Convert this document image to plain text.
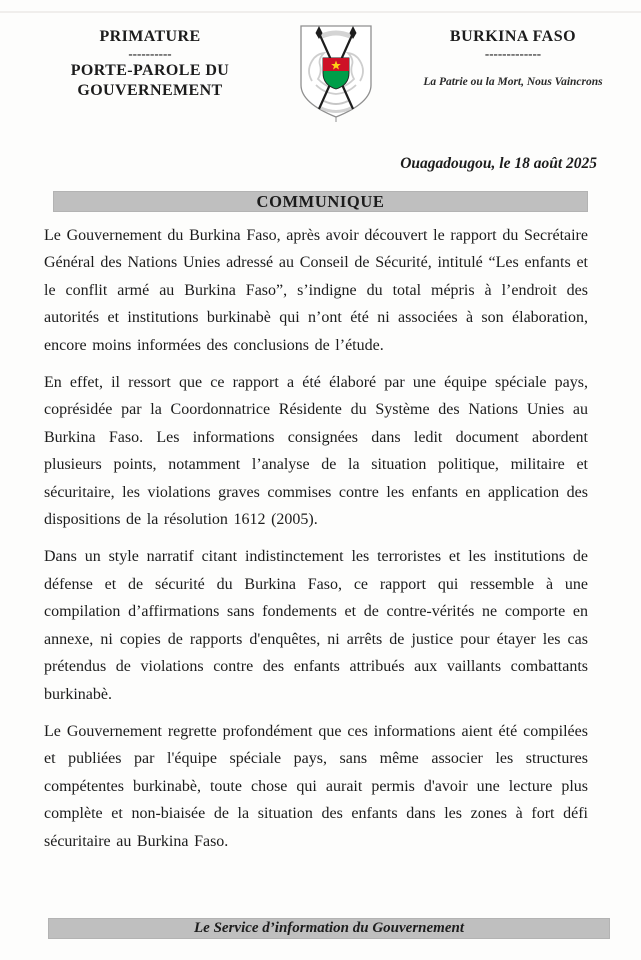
PRIMATURE
----------
PORTE-PAROLE DU
GOUVERNEMENT
BURKINA FASO
-------------
La Patrie ou la Mort, Nous Vaincrons
Ouagadougou, le 18 août 2025
COMMUNIQUE

Le Gouvernement du Burkina Faso, après avoir découvert le rapport du Secrétaire Général des Nations Unies adressé au Conseil de Sécurité, intitulé “Les enfants et le conflit armé au Burkina Faso”, s’indigne du total mépris à l’endroit des autorités et institutions burkinabè qui n’ont été ni associées à son élaboration, encore moins informées des conclusions de l’étude.

En effet, il ressort que ce rapport a été élaboré par une équipe spéciale pays, coprésidée par la Coordonnatrice Résidente du Système des Nations Unies au Burkina Faso. Les informations consignées dans ledit document abordent plusieurs points, notamment l’analyse de la situation politique, militaire et sécuritaire, les violations graves commises contre les enfants en application des dispositions de la résolution 1612 (2005).

Dans un style narratif citant indistinctement les terroristes et les institutions de défense et de sécurité du Burkina Faso, ce rapport qui ressemble à une compilation d’affirmations sans fondements et de contre-vérités ne comporte en annexe, ni copies de rapports d'enquêtes, ni arrêts de justice pour étayer les cas prétendus de violations contre des enfants attribués aux vaillants combattants burkinabè.

Le Gouvernement regrette profondément que ces informations aient été compilées et publiées par l'équipe spéciale pays, sans même associer les structures compétentes burkinabè, toute chose qui aurait permis d'avoir une lecture plus complète et non-biaisée de la situation des enfants dans les zones à fort défi sécuritaire au Burkina Faso.

Le Service d’information du Gouvernement
